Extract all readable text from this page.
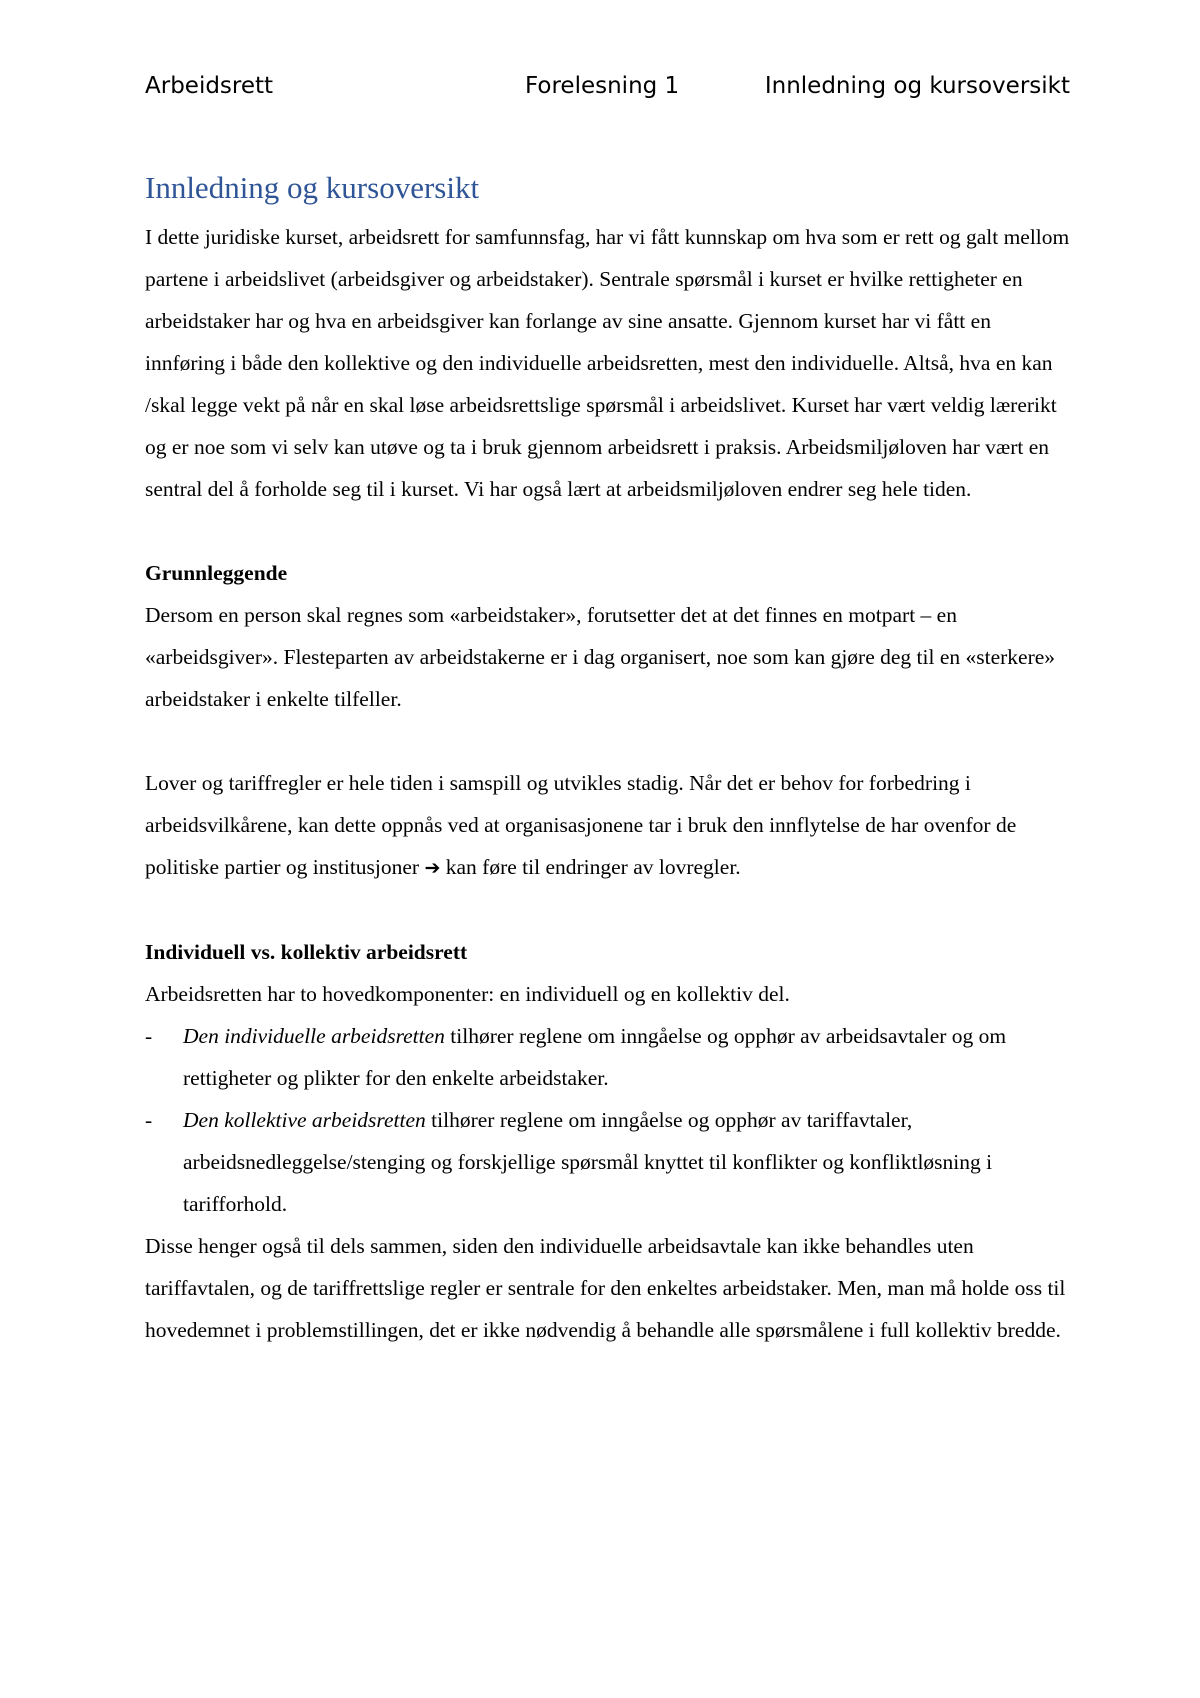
Arbeidsrett	Forelesning 1	Innledning og kursoversikt
Innledning og kursoversikt

I dette juridiske kurset, arbeidsrett for samfunnsfag, har vi fått kunnskap om hva som er rett og galt mellom partene i arbeidslivet (arbeidsgiver og arbeidstaker). Sentrale spørsmål i kurset er hvilke rettigheter en arbeidstaker har og hva en arbeidsgiver kan forlange av sine ansatte. Gjennom kurset har vi fått en innføring i både den kollektive og den individuelle arbeidsretten, mest den individuelle. Altså, hva en kan /skal legge vekt på når en skal løse arbeidsrettslige spørsmål i arbeidslivet. Kurset har vært veldig lærerikt og er noe som vi selv kan utøve og ta i bruk gjennom arbeidsrett i praksis. Arbeidsmiljøloven har vært en sentral del å forholde seg til i kurset. Vi har også lært at arbeidsmiljøloven endrer seg hele tiden.

Grunnleggende

Dersom en person skal regnes som «arbeidstaker», forutsetter det at det finnes en motpart – en «arbeidsgiver». Flesteparten av arbeidstakerne er i dag organisert, noe som kan gjøre deg til en «sterkere» arbeidstaker i enkelte tilfeller.

Lover og tariffregler er hele tiden i samspill og utvikles stadig. Når det er behov for forbedring i arbeidsvilkårene, kan dette oppnås ved at organisasjonene tar i bruk den innflytelse de har ovenfor de politiske partier og institusjoner ➔ kan føre til endringer av lovregler.

Individuell vs. kollektiv arbeidsrett

Arbeidsretten har to hovedkomponenter: en individuell og en kollektiv del.

- Den individuelle arbeidsretten tilhører reglene om inngåelse og opphør av arbeidsavtaler og om rettigheter og plikter for den enkelte arbeidstaker.
- Den kollektive arbeidsretten tilhører reglene om inngåelse og opphør av tariffavtaler, arbeidsnedleggelse/stenging og forskjellige spørsmål knyttet til konflikter og konfliktløsning i tarifforhold.

Disse henger også til dels sammen, siden den individuelle arbeidsavtale kan ikke behandles uten tariffavtalen, og de tariffrettslige regler er sentrale for den enkeltes arbeidstaker. Men, man må holde oss til hovedemnet i problemstillingen, det er ikke nødvendig å behandle alle spørsmålene i full kollektiv bredde.
